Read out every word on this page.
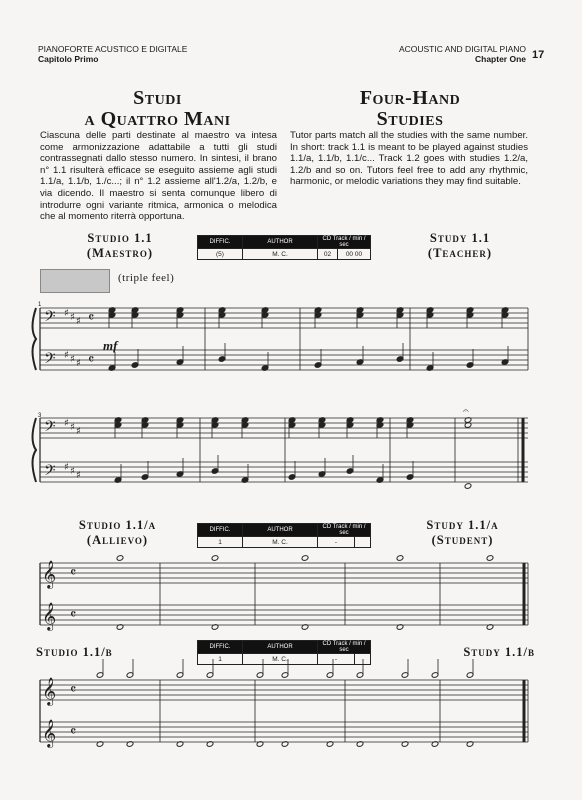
PIANOFORTE ACUSTICO E DIGITALE
Capitolo Primo
ACOUSTIC AND DIGITAL PIANO
Chapter One 17
Studi
a Quattro Mani
Four-Hand
Studies
Ciascuna delle parti destinate al maestro va intesa come armonizzazione adattabile a tutti gli studi contrassegnati dallo stesso numero. In sintesi, il brano n° 1.1 risulterà efficace se eseguito assieme agli studi 1.1/a, 1.1/b, 1./c...; il n° 1.2 assieme all'1.2/a, 1.2/b, e via dicendo. Il maestro si senta comunque libero di introdurre ogni variante ritmica, armonica o melodica che al momento riterrà opportuna.
Tutor parts match all the studies with the same number. In short: track 1.1 is meant to be played against studies 1.1/a, 1.1/b, 1.1/c... Track 1.2 goes with studies 1.2/a, 1.2/b and so on. Tutors feel free to add any rhythmic, harmonic, or melodic variations they may find suitable.
Studio 1.1
(Maestro)
Study 1.1
(Teacher)
DIFFIC.	AUTHOR	CD Track / min / sec	
(5)	M. C.	02	00 00
(triple feel)
1
3
mf
Studio 1.1/a
(Allievo)
Study 1.1/a
(Student)
DIFFIC.	AUTHOR	CD Track / min / sec	
1	M. C.	-	
Studio 1.1/b	Study 1.1/b
DIFFIC.	AUTHOR	CD Track / min / sec	
1	M. C.	-	
𝄢
𝄢
♯
♯
♯
♯
♯
♯
𝄴
𝄴
𝄢
𝄢
♯
♯
♯
♯
♯
♯
𝄐
𝄞
𝄞
𝄴
𝄴
𝄞
𝄞
𝄴
𝄴
